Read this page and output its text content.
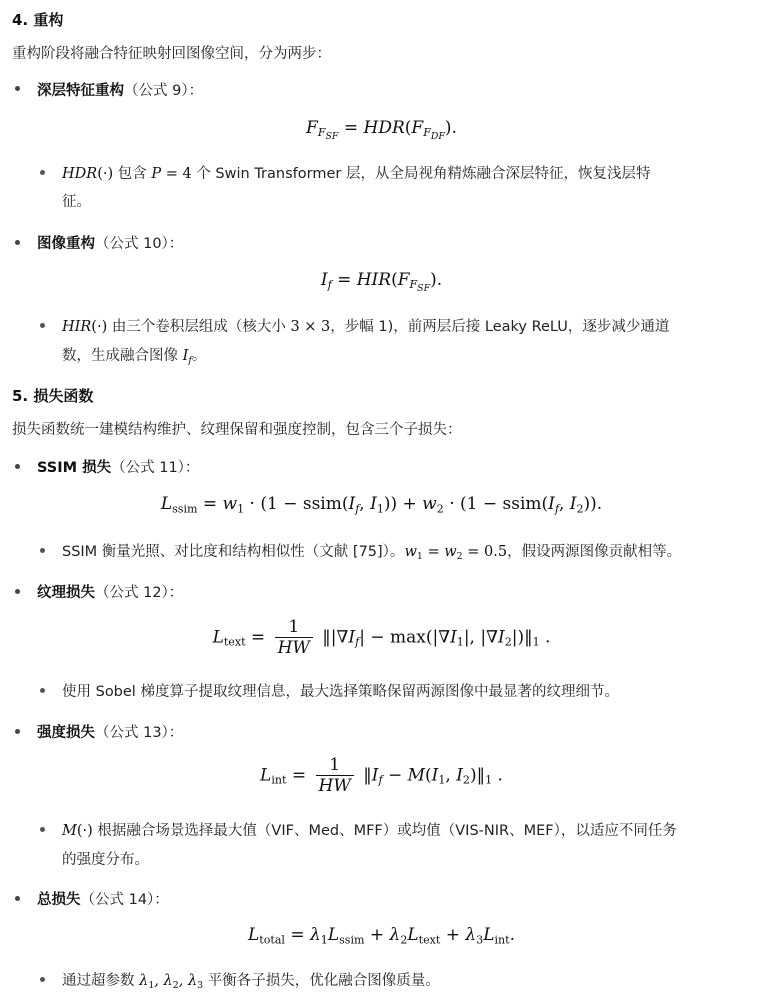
4. 重构
重构阶段将融合特征映射回图像空间，分为两步：
深层特征重构（公式 9）：
$F_{F_{SF}} = HDR(F_{F_{DF}})$.
HDR(·) 包含 P = 4 个 Swin Transformer 层，从全局视角精炼融合深层特征，恢复浅层特
征。
图像重构（公式 10）：
$I_f = HIR(F_{F_{SF}})$.
HIR(·) 由三个卷积层组成（核大小 3 × 3，步幅 1)，前两层后接 Leaky ReLU，逐步减少通道
数，生成融合图像 $I_f$。
5. 损失函数
损失函数统一建模结构维护、纹理保留和强度控制，包含三个子损失：
SSIM 损失（公式 11）：
$L_{ssim} = w_1 \cdot (1$ − $ssim(I_f$, $I_1)) + w_2 \cdot (1$ − $ssim(I_f$, $I_2$)).
SSIM 衡量光照、对比度和结构相似性（文献 [75]）。$w_1 = w_2 = 0.5$，假设两源图像贡献相等。
纹理损失（公式 12）：
$L_{text} = \frac{1}{HW}$ $‖|\nabla I_f| - \max(|\nabla I_1|$, $|\nabla I_2|)‖_1$ .
使用 Sobel 梯度算子提取纹理信息，最大选择策略保留两源图像中最显著的纹理细节。
强度损失（公式 13）：
$L_{int} = \frac{1}{HW}$ $‖I_f - M(I_1$, $I_2)‖_1$ .
M(·) 根据融合场景选择最大值（VIF、Med、MFF）或均值（VIS-NIR、MEF），以适应不同任务
的强度分布。
总损失（公式 14）：
$L_{total} = \lambda_1L_{ssim} + \lambda_2L_{text} + \lambda_3L_{int}$.
通过超参数 $\lambda_1$, $\lambda_2$, $\lambda_3$ 平衡各子损失，优化融合图像质量。
